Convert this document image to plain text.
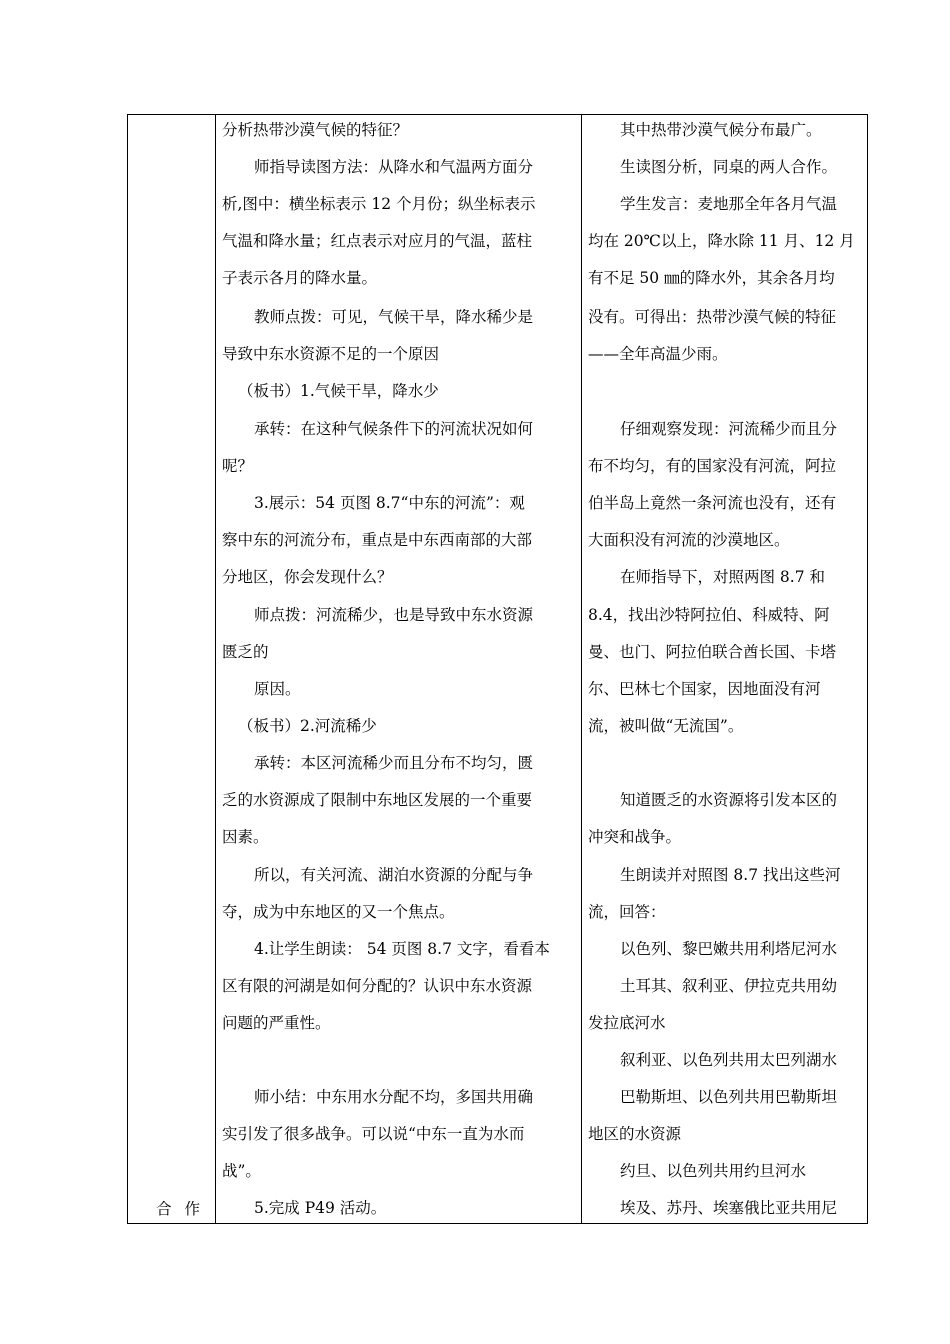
合 作
分析热带沙漠气候的特征？
师指导读图方法：从降水和气温两方面分
析,图中：横坐标表示 12 个月份；纵坐标表示
气温和降水量；红点表示对应月的气温，蓝柱
子表示各月的降水量。
教师点拨：可见，气候干旱，降水稀少是
导致中东水资源不足的一个原因
（板书）1.气候干旱，降水少
承转：在这种气候条件下的河流状况如何
呢？
3.展示：54 页图 8.7“中东的河流”：观
察中东的河流分布，重点是中东西南部的大部
分地区，你会发现什么？
师点拨：河流稀少，也是导致中东水资源
匮乏的
原因。
（板书）2.河流稀少
承转：本区河流稀少而且分布不均匀，匮
乏的水资源成了限制中东地区发展的一个重要
因素。
所以，有关河流、湖泊水资源的分配与争
夺，成为中东地区的又一个焦点。
4.让学生朗读： 54 页图 8.7 文字，看看本
区有限的河湖是如何分配的？认识中东水资源
问题的严重性。
师小结：中东用水分配不均，多国共用确
实引发了很多战争。可以说“中东一直为水而
战”。
5.完成 P49 活动。
其中热带沙漠气候分布最广。
生读图分析，同桌的两人合作。
学生发言：麦地那全年各月气温
均在 20℃以上，降水除 11 月、12 月
有不足 50 ㎜的降水外，其余各月均
没有。可得出：热带沙漠气候的特征
——全年高温少雨。
仔细观察发现：河流稀少而且分
布不均匀，有的国家没有河流，阿拉
伯半岛上竟然一条河流也没有，还有
大面积没有河流的沙漠地区。
在师指导下，对照两图 8.7 和
8.4，找出沙特阿拉伯、科威特、阿
曼、也门、阿拉伯联合酋长国、卡塔
尔、巴林七个国家，因地面没有河
流，被叫做“无流国”。
知道匮乏的水资源将引发本区的
冲突和战争。
生朗读并对照图 8.7 找出这些河
流，回答：
以色列、黎巴嫩共用利塔尼河水
土耳其、叙利亚、伊拉克共用幼
发拉底河水
叙利亚、以色列共用太巴列湖水
巴勒斯坦、以色列共用巴勒斯坦
地区的水资源
约旦、以色列共用约旦河水
埃及、苏丹、埃塞俄比亚共用尼
